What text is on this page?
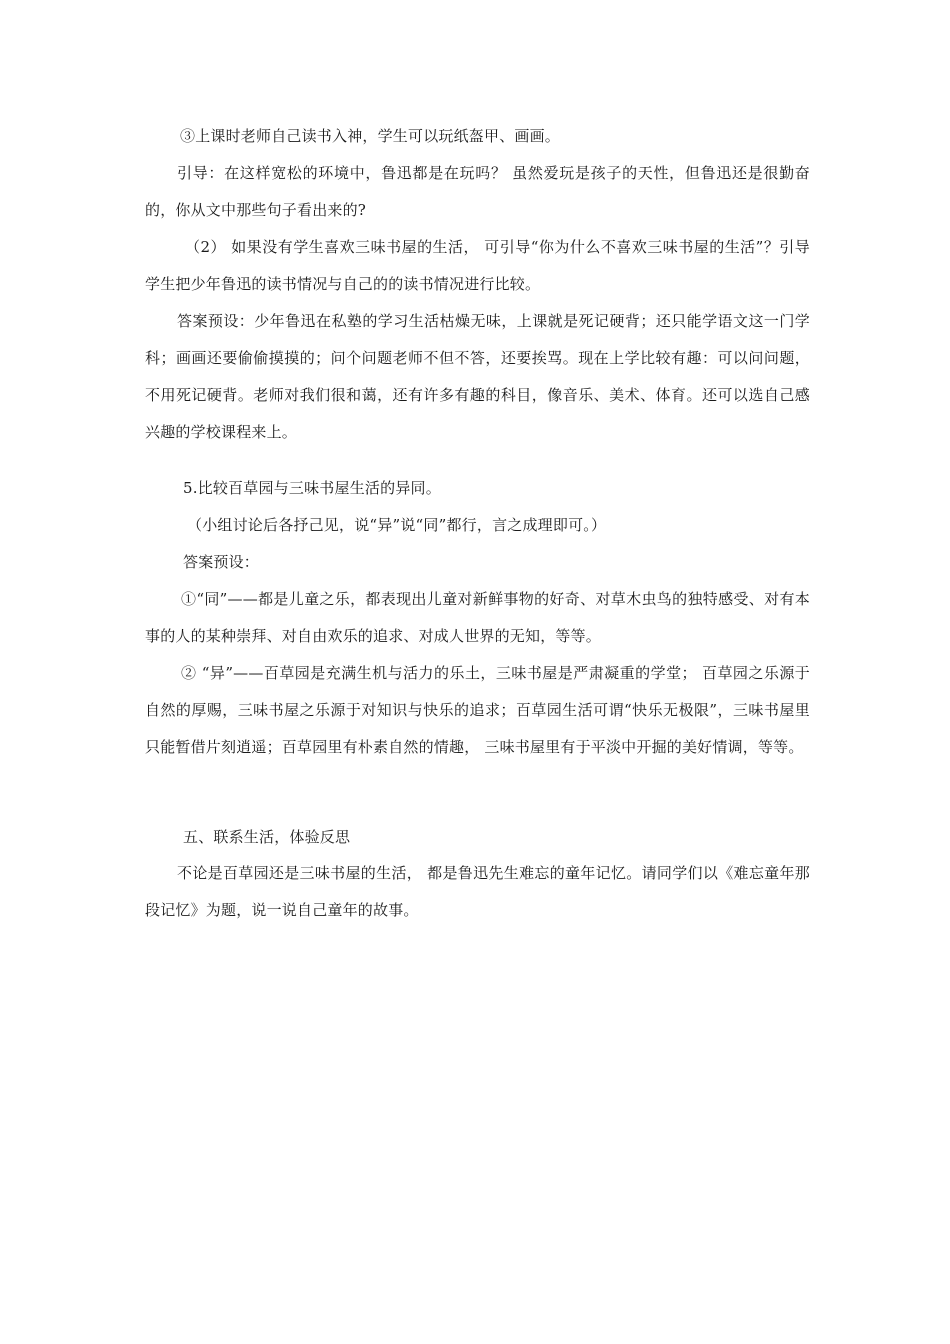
③上课时老师自己读书入神，学生可以玩纸盔甲、画画。

引导：在这样宽松的环境中，鲁迅都是在玩吗？ 虽然爱玩是孩子的天性，但鲁迅还是很勤奋的，你从文中那些句子看出来的?

（2） 如果没有学生喜欢三味书屋的生活， 可引导“你为什么不喜欢三味书屋的生活”？引导学生把少年鲁迅的读书情况与自己的的读书情况进行比较。

答案预设：少年鲁迅在私塾的学习生活枯燥无味，上课就是死记硬背；还只能学语文这一门学科；画画还要偷偷摸摸的；问个问题老师不但不答，还要挨骂。现在上学比较有趣：可以问问题，不用死记硬背。老师对我们很和蔼，还有许多有趣的科目，像音乐、美术、体育。还可以选自己感兴趣的学校课程来上。

5.比较百草园与三味书屋生活的异同。

（小组讨论后各抒己见，说“异”说“同”都行，言之成理即可。）

答案预设：

①“同”——都是儿童之乐，都表现出儿童对新鲜事物的好奇、对草木虫鸟的独特感受、对有本事的人的某种崇拜、对自由欢乐的追求、对成人世界的无知，等等。

② “异”——百草园是充满生机与活力的乐土，三味书屋是严肃凝重的学堂； 百草园之乐源于自然的厚赐，三味书屋之乐源于对知识与快乐的追求；百草园生活可谓“快乐无极限”，三味书屋里只能暂借片刻逍遥；百草园里有朴素自然的情趣， 三味书屋里有于平淡中开掘的美好情调，等等。

五、联系生活，体验反思

不论是百草园还是三味书屋的生活， 都是鲁迅先生难忘的童年记忆。请同学们以《难忘童年那段记忆》为题，说一说自己童年的故事。
